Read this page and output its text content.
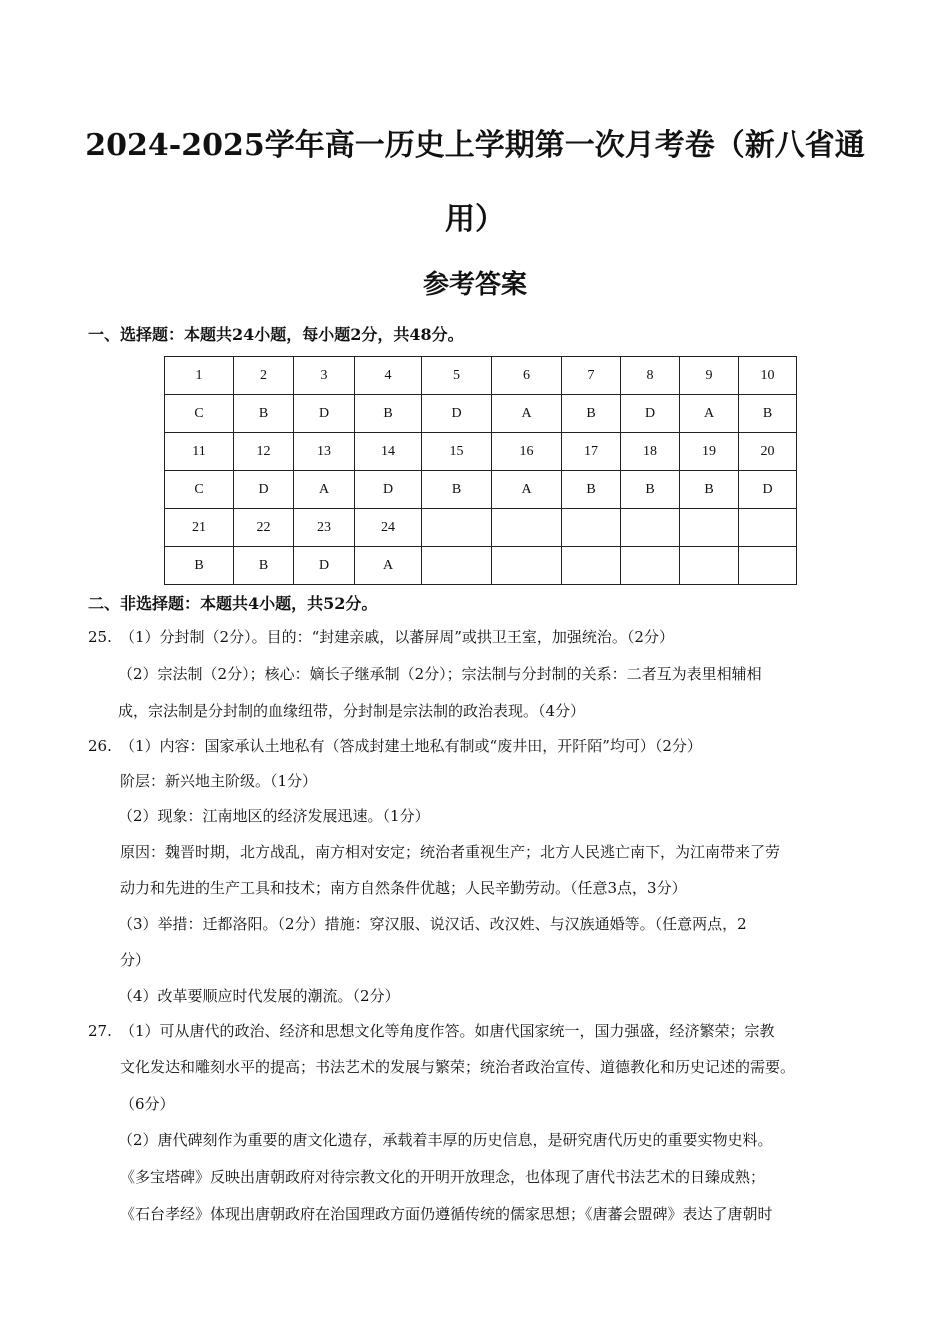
2024-2025学年高一历史上学期第一次月考卷（新八省通
用）
参考答案
一、选择题：本题共24小题，每小题2分，共48分。
1	2	3	4	5	6	7	8	9	10
C	B	D	B	D	A	B	D	A	B
11	12	13	14	15	16	17	18	19	20
C	D	A	D	B	A	B	B	B	D
21	22	23	24						
B	B	D	A						
二、非选择题：本题共4小题，共52分。
25. （1）分封制（2分）。目的：“封建亲戚，以蕃屏周”或拱卫王室，加强统治。（2分）
（2）宗法制（2分）；核心：嫡长子继承制（2分）；宗法制与分封制的关系：二者互为表里相辅相
成，宗法制是分封制的血缘纽带，分封制是宗法制的政治表现。（4分）
26. （1）内容：国家承认土地私有（答成封建土地私有制或“废井田，开阡陌”均可）（2分）
阶层：新兴地主阶级。（1分）
（2）现象：江南地区的经济发展迅速。（1分）
原因：魏晋时期，北方战乱，南方相对安定；统治者重视生产；北方人民逃亡南下，为江南带来了劳
动力和先进的生产工具和技术；南方自然条件优越；人民辛勤劳动。（任意3点，3分）
（3）举措：迁都洛阳。（2分）措施：穿汉服、说汉话、改汉姓、与汉族通婚等。（任意两点，2
分）
（4）改革要顺应时代发展的潮流。（2分）
27. （1）可从唐代的政治、经济和思想文化等角度作答。如唐代国家统一，国力强盛，经济繁荣；宗教
文化发达和雕刻水平的提高；书法艺术的发展与繁荣；统治者政治宣传、道德教化和历史记述的需要。
（6分）
（2）唐代碑刻作为重要的唐文化遗存，承载着丰厚的历史信息，是研究唐代历史的重要实物史料。
《多宝塔碑》反映出唐朝政府对待宗教文化的开明开放理念，也体现了唐代书法艺术的日臻成熟；
《石台孝经》体现出唐朝政府在治国理政方面仍遵循传统的儒家思想；《唐蕃会盟碑》表达了唐朝时
